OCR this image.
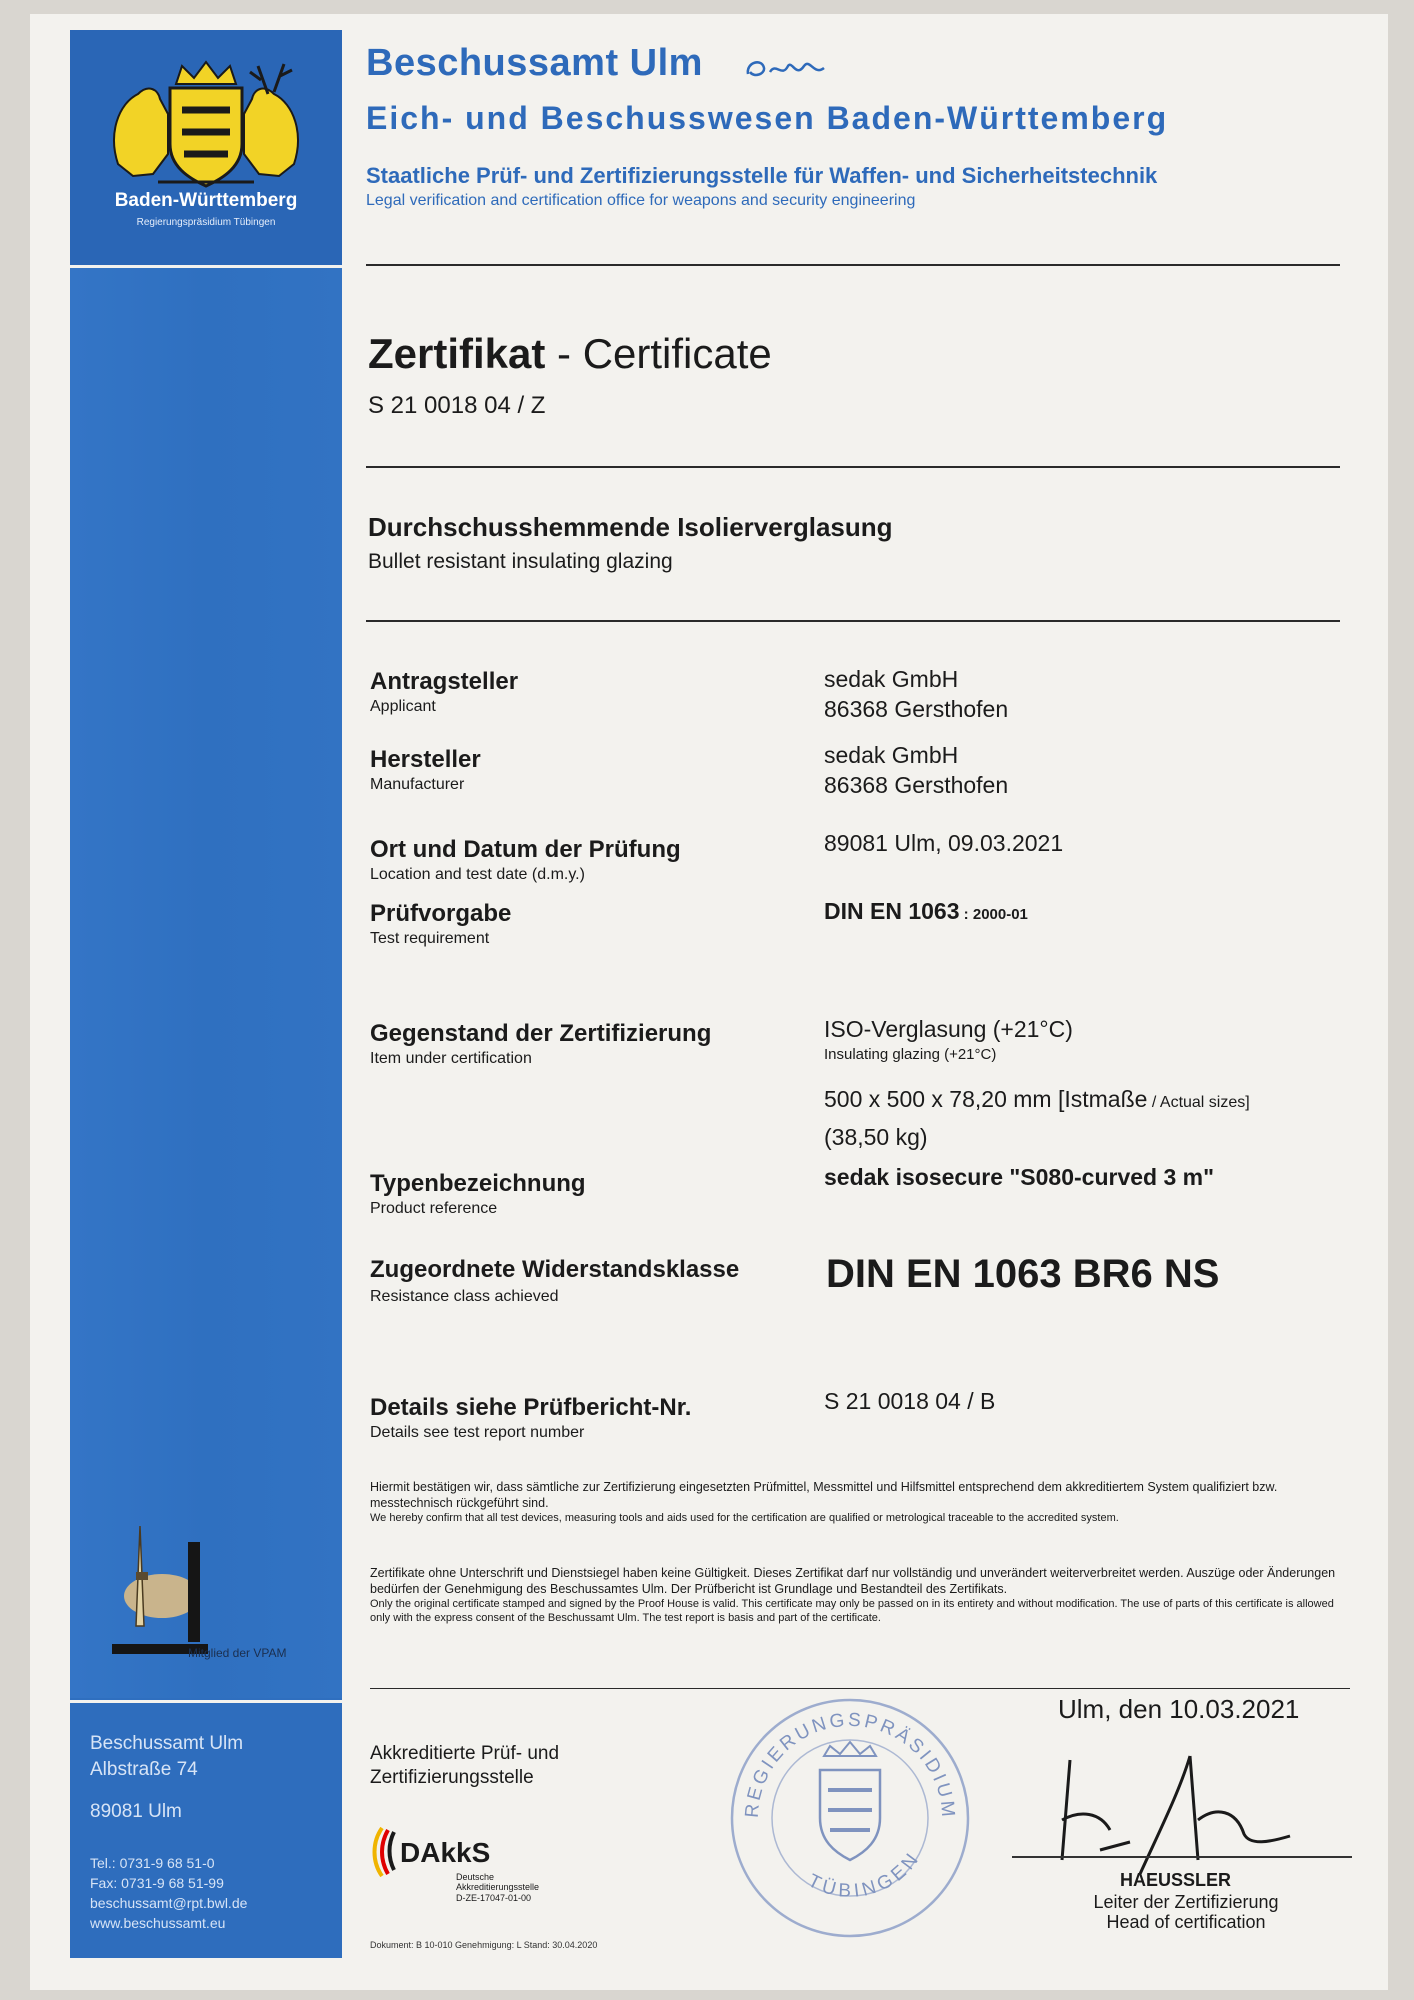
Baden-Württemberg
Regierungspräsidium Tübingen
Mitglied der VPAM
Beschussamt Ulm
Albstraße 74
89081 Ulm
Tel.: 0731-9 68 51-0
Fax: 0731-9 68 51-99
beschussamt@rpt.bwl.de
www.beschussamt.eu
Beschussamt Ulm
Eich- und Beschusswesen Baden-Württemberg
Staatliche Prüf- und Zertifizierungsstelle für Waffen- und Sicherheitstechnik
Legal verification and certification office for weapons and security engineering
Zertifikat - Certificate
S 21 0018 04 / Z
Durchschusshemmende Isolierverglasung
Bullet resistant insulating glazing
Antragsteller
Applicant
sedak GmbH
86368 Gersthofen
Hersteller
Manufacturer
sedak GmbH
86368 Gersthofen
Ort und Datum der Prüfung
Location and test date (d.m.y.)
89081 Ulm, 09.03.2021
Prüfvorgabe
Test requirement
DIN EN 1063 : 2000-01
Gegenstand der Zertifizierung
Item under certification
ISO-Verglasung (+21°C)
Insulating glazing (+21°C)
500 x 500 x 78,20 mm [Istmaße / Actual sizes]
(38,50 kg)
Typenbezeichnung
Product reference
sedak isosecure "S080-curved 3 m"
Zugeordnete Widerstandsklasse
Resistance class achieved
DIN EN 1063 BR6 NS
Details siehe Prüfbericht-Nr.
Details see test report number
S 21 0018 04 / B
Hiermit bestätigen wir, dass sämtliche zur Zertifizierung eingesetzten Prüfmittel, Messmittel und Hilfsmittel entsprechend dem akkreditiertem System qualifiziert bzw. messtechnisch rückgeführt sind.
We hereby confirm that all test devices, measuring tools and aids used for the certification are qualified or metrological traceable to the accredited system.
Zertifikate ohne Unterschrift und Dienstsiegel haben keine Gültigkeit. Dieses Zertifikat darf nur vollständig und unverändert weiterverbreitet werden. Auszüge oder Änderungen bedürfen der Genehmigung des Beschussamtes Ulm. Der Prüfbericht ist Grundlage und Bestandteil des Zertifikats.
Only the original certificate stamped and signed by the Proof House is valid. This certificate may only be passed on in its entirety and without modification. The use of parts of this certificate is allowed only with the express consent of the Beschussamt Ulm. The test report is basis and part of the certificate.
Ulm, den 10.03.2021
Akkreditierte Prüf- und
Zertifizierungsstelle
DAkkS
Deutsche
Akkreditierungsstelle
D-ZE-17047-01-00
Dokument: B 10-010 Genehmigung: L Stand: 30.04.2020
REGIERUNGSPRÄSIDIUM
TÜBINGEN
HAEUSSLER
Leiter der Zertifizierung
Head of certification
